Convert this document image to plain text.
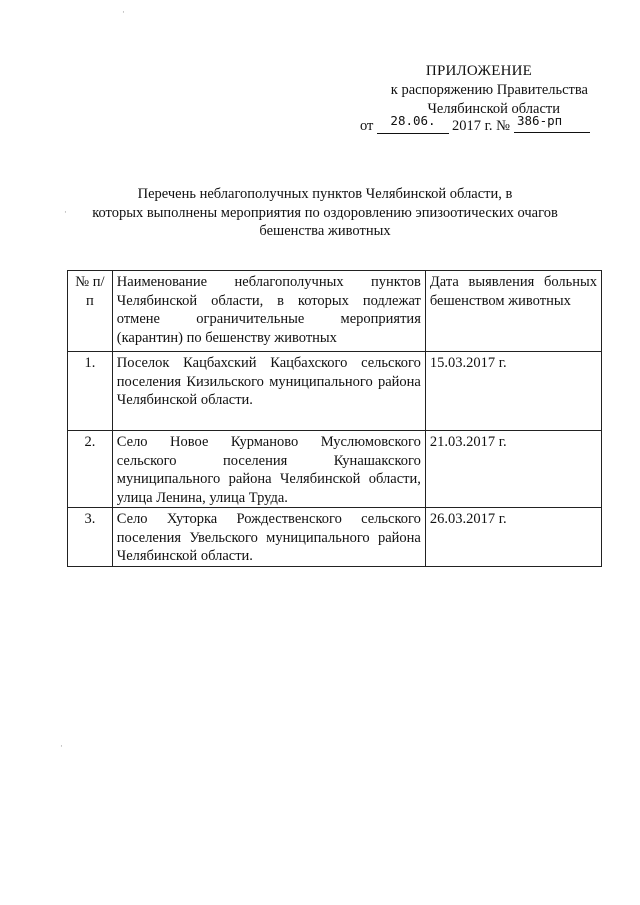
ПРИЛОЖЕНИЕ
к распоряжению Правительства
Челябинской области
от	28.06.	2017 г. № 386-рп
Перечень неблагополучных пунктов Челябинской области, в
которых выполнены мероприятия по оздоровлению эпизоотических очагов
бешенства животных
№ п/п	Наименование неблагополучных пунктов Челябинской области, в которых подлежат отмене ограничительные мероприятия (карантин) по бешенству животных	Дата выявления больных бешенством животных
1.	Поселок Кацбахский Кацбахского сельского поселения Кизильского муниципального района Челябинской области.	15.03.2017 г.
2.	Село Новое Курманово Муслюмовского сельского поселения Кунашакского муниципального района Челябинской области, улица Ленина, улица Труда.	21.03.2017 г.
3.	Село Хуторка Рождественского сельского поселения Увельского муниципального района Челябинской области.	26.03.2017 г.
·
·
·
